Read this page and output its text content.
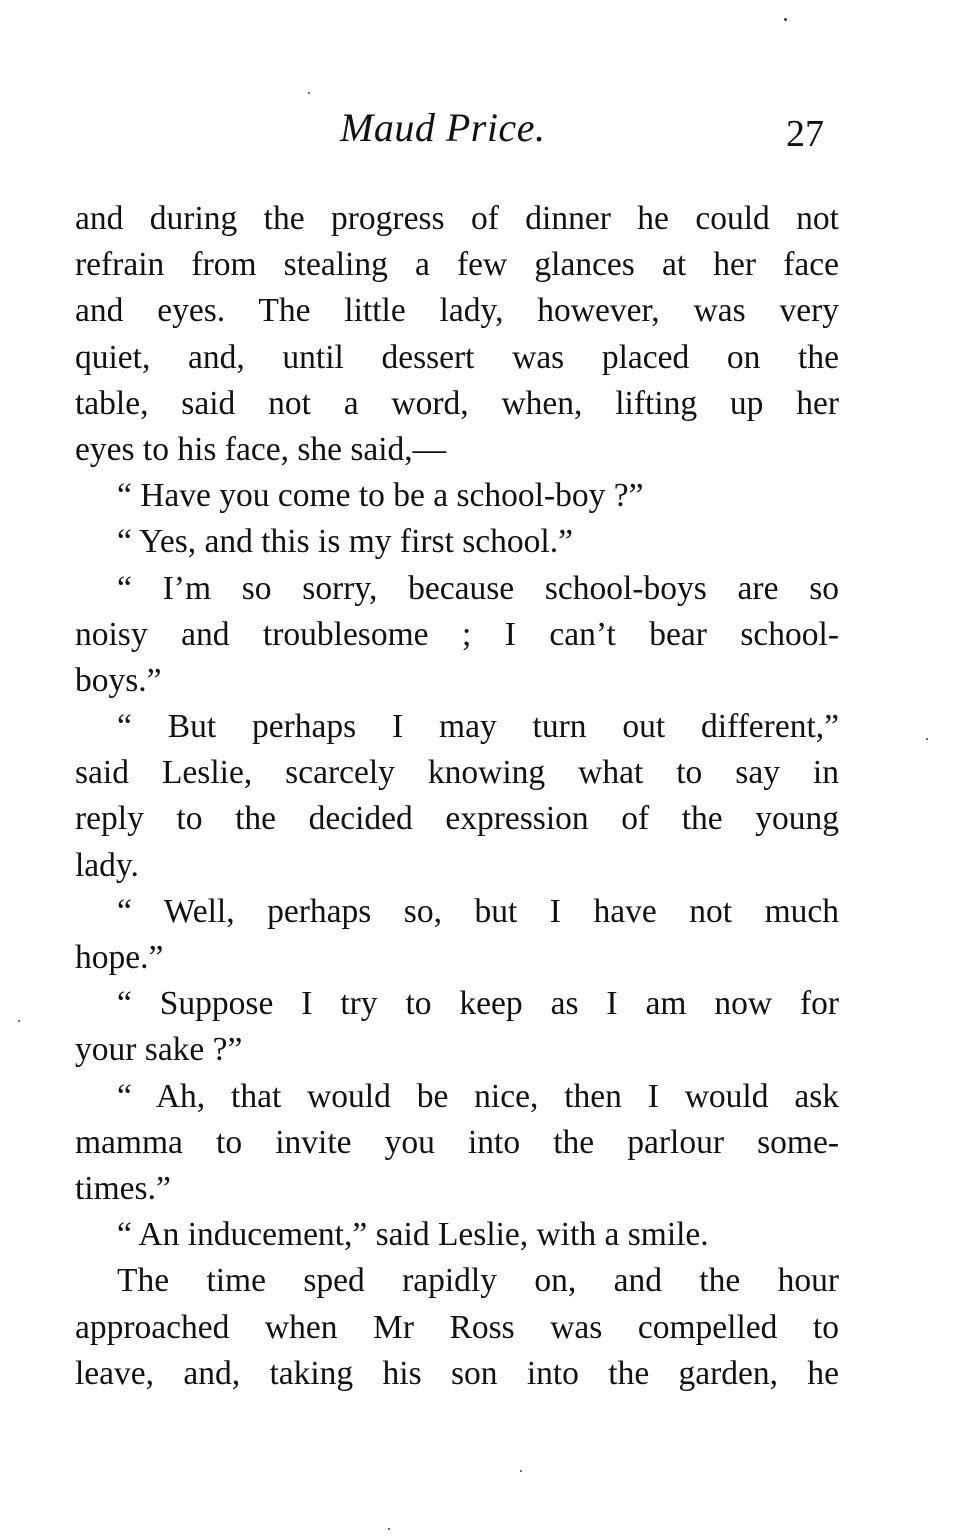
Maud Price.	27
and during the progress of dinner he could not
refrain from stealing a few glances at her face
and eyes. The little lady, however, was very
quiet, and, until dessert was placed on the
table, said not a word, when, lifting up her
eyes to his face, she said,—
“ Have you come to be a school-boy ?”
“ Yes, and this is my first school.”
“ I’m so sorry, because school-boys are so
noisy and troublesome ; I can’t bear school-
boys.”
“ But perhaps I may turn out different,”
said Leslie, scarcely knowing what to say in
reply to the decided expression of the young
lady.
“ Well, perhaps so, but I have not much
hope.”
“ Suppose I try to keep as I am now for
your sake ?”
“ Ah, that would be nice, then I would ask
mamma to invite you into the parlour some-
times.”
“ An inducement,” said Leslie, with a smile.
The time sped rapidly on, and the hour
approached when Mr Ross was compelled to
leave, and, taking his son into the garden, he
